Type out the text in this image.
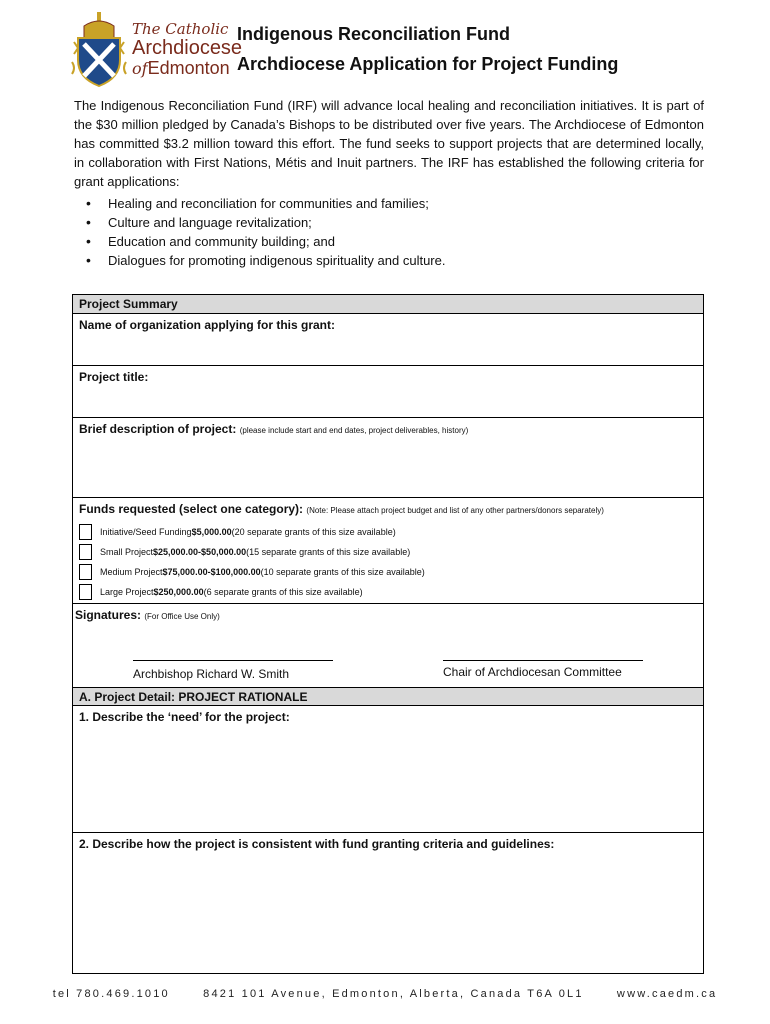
The Catholic
Archdiocese
ofEdmonton
Indigenous Reconciliation Fund
Archdiocese Application for Project Funding
The Indigenous Reconciliation Fund (IRF) will advance local healing and reconciliation initiatives. It is part of the $30 million pledged by Canada’s Bishops to be distributed over five years. The Archdiocese of Edmonton has committed $3.2 million toward this effort. The fund seeks to support projects that are determined locally, in collaboration with First Nations, Métis and Inuit partners. The IRF has established the following criteria for grant applications:
• Healing and reconciliation for communities and families;
• Culture and language revitalization;
• Education and community building; and
• Dialogues for promoting indigenous spirituality and culture.
Project Summary
Name of organization applying for this grant:
Project title:
Brief description of project: (please include start and end dates, project deliverables, history)
Funds requested (select one category): (Note: Please attach project budget and list of any other partners/donors separately)
Initiative/Seed Funding $5,000.00 (20 separate grants of this size available)
Small Project $25,000.00-$50,000.00 (15 separate grants of this size available)
Medium Project $75,000.00-$100,000.00 (10 separate grants of this size available)
Large Project $250,000.00 (6 separate grants of this size available)
Signatures: (For Office Use Only)
Archbishop Richard W. Smith	Chair of Archdiocesan Committee
A. Project Detail: PROJECT RATIONALE
1. Describe the ‘need’ for the project:
2. Describe how the project is consistent with fund granting criteria and guidelines:
tel 780.469.1010	8421 101 Avenue, Edmonton, Alberta, Canada T6A 0L1	www.caedm.ca
